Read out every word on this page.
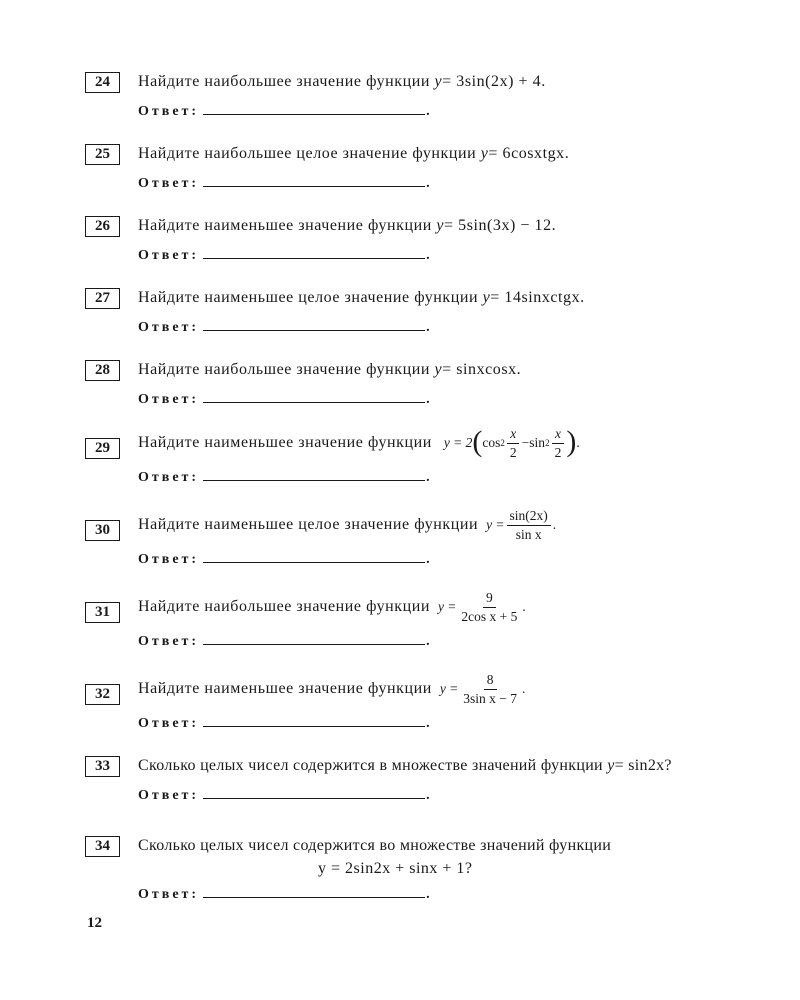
24	Найдите наибольшее значение функции
y = 3sin(2x) + 4.
Ответ:	.
25	Найдите наибольшее целое значение функции
y = 6cosxtgx.
Ответ:	.
26	Найдите наименьшее значение функции
y = 5sin(3x) − 12.
Ответ:	.
27	Найдите наименьшее целое значение функции
y = 14sinxctgx.
Ответ:	.
28	Найдите наибольшее значение функции
y = sinxcosx.
Ответ:	.
29	Найдите наименьшее значение функции y = 2 ( $\cos 2 \frac{x}{2} - \sin 2 \frac{x}{2}$ ) .
Ответ:	.
30	Найдите наименьшее целое значение функции $y = \frac{\sin(2x)}{\text{sin x}}$ .
Ответ:	.
31	Найдите наибольшее значение функции $y = \frac{9}{\text{2cos x + 5}}$ .
Ответ:	.
32	Найдите наименьшее значение функции $y = \frac{8}{\text{3sin x − 7}}$ .
Ответ:	.
33	Сколько целых чисел содержится в множестве значений функции
y = sin2x?
Ответ:	.
34	Сколько целых чисел содержится во множестве значений функции
y = 2sin2x + sinx + 1?
Ответ:	.
12
